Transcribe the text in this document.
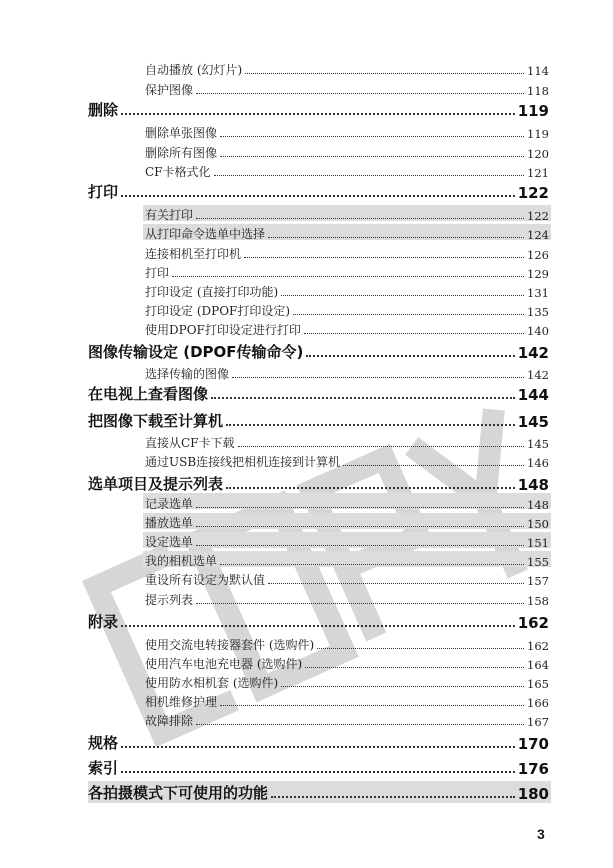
自动播放 (幻灯片)	114
保护图像	118
删除	119
删除单张图像	119
删除所有图像	120
CF卡格式化	121
打印	122
有关打印	122
从打印命令选单中选择	124
连接相机至打印机	126
打印	129
打印设定 (直接打印功能)	131
打印设定 (DPOF打印设定)	135
使用DPOF打印设定进行打印	140
图像传输设定 (DPOF传输命令)	142
选择传输的图像	142
在电视上查看图像	144
把图像下载至计算机	145
直接从CF卡下载	145
通过USB连接线把相机连接到计算机	146
选单项目及提示列表	148
记录选单	148
播放选单	150
设定选单	151
我的相机选单	155
重设所有设定为默认值	157
提示列表	158
附录	162
使用交流电转接器套件 (选购件)	162
使用汽车电池充电器 (选购件)	164
使用防水相机套 (选购件)	165
相机维修护理	166
故障排除	167
规格	170
索引	176
各拍摄模式下可使用的功能	180
3
